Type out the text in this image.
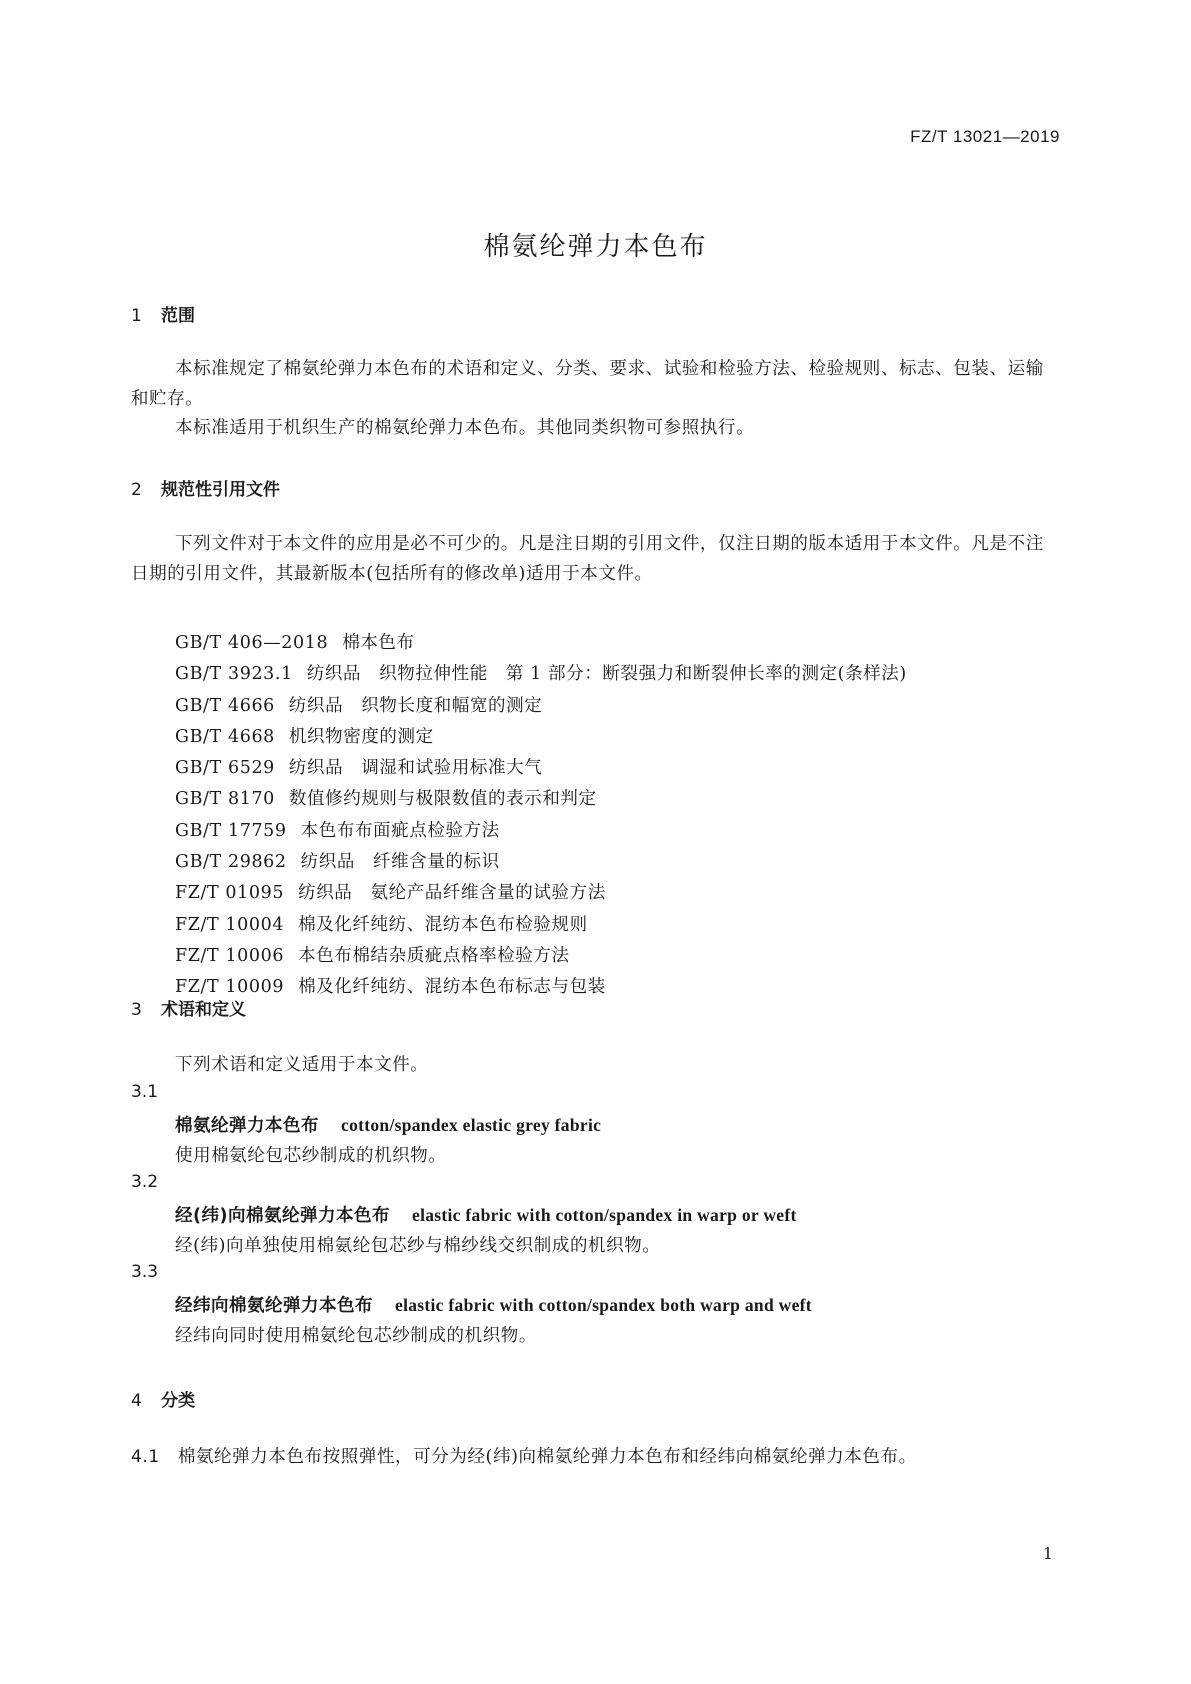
FZ/T 13021—2019
棉氨纶弹力本色布
1 范围
本标准规定了棉氨纶弹力本色布的术语和定义、分类、要求、试验和检验方法、检验规则、标志、包装、运输和贮存。
本标准适用于机织生产的棉氨纶弹力本色布。其他同类织物可参照执行。
2 规范性引用文件
下列文件对于本文件的应用是必不可少的。凡是注日期的引用文件，仅注日期的版本适用于本文件。凡是不注日期的引用文件，其最新版本(包括所有的修改单)适用于本文件。
GB/T 406—2018 棉本色布
GB/T 3923.1 纺织品　织物拉伸性能　第 1 部分：断裂强力和断裂伸长率的测定(条样法)
GB/T 4666 纺织品　织物长度和幅宽的测定
GB/T 4668 机织物密度的测定
GB/T 6529 纺织品　调湿和试验用标准大气
GB/T 8170 数值修约规则与极限数值的表示和判定
GB/T 17759 本色布布面疵点检验方法
GB/T 29862 纺织品　纤维含量的标识
FZ/T 01095 纺织品　氨纶产品纤维含量的试验方法
FZ/T 10004 棉及化纤纯纺、混纺本色布检验规则
FZ/T 10006 本色布棉结杂质疵点格率检验方法
FZ/T 10009 棉及化纤纯纺、混纺本色布标志与包装
3 术语和定义
下列术语和定义适用于本文件。
3.1
棉氨纶弹力本色布 cotton/spandex elastic grey fabric
使用棉氨纶包芯纱制成的机织物。
3.2
经(纬)向棉氨纶弹力本色布 elastic fabric with cotton/spandex in warp or weft
经(纬)向单独使用棉氨纶包芯纱与棉纱线交织制成的机织物。
3.3
经纬向棉氨纶弹力本色布 elastic fabric with cotton/spandex both warp and weft
经纬向同时使用棉氨纶包芯纱制成的机织物。
4 分类
4.1 棉氨纶弹力本色布按照弹性，可分为经(纬)向棉氨纶弹力本色布和经纬向棉氨纶弹力本色布。
1
